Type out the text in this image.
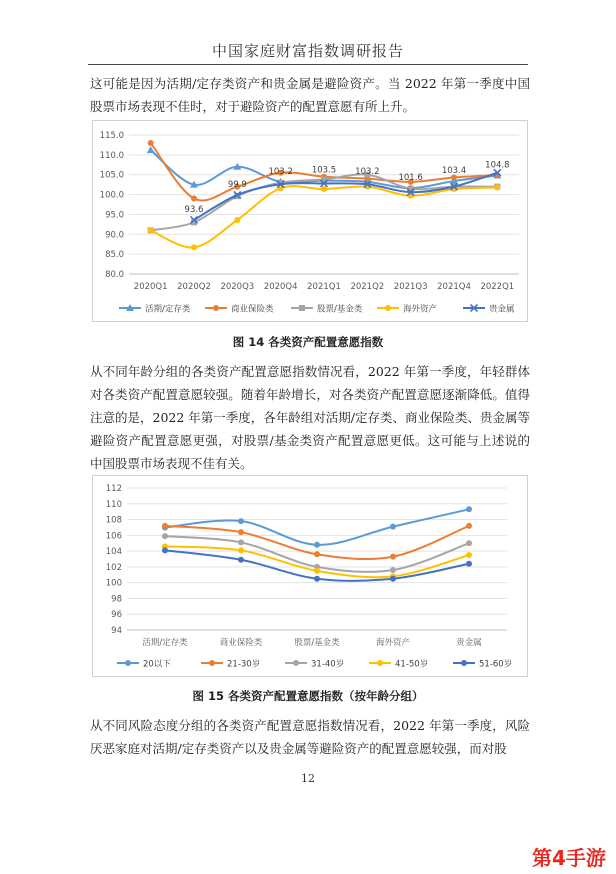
中国家庭财富指数调研报告
这可能是因为活期/定存类资产和贵金属是避险资产。当 2022 年第一季度中国股票市场表现不佳时，对于避险资产的配置意愿有所上升。
80.0
85.0
90.0
95.0
100.0
105.0
110.0
115.0
2020Q1 2020Q2 2020Q3 2020Q4 2021Q1 2021Q2 2021Q3 2021Q4 2022Q1
93.6
99.9
103.2 103.5 103.2
101.6
103.4
104.8
活期/定存类	商业保险类	股票/基金类	海外资产	贵金属
图 14 各类资产配置意愿指数
从不同年龄分组的各类资产配置意愿指数情况看，2022 年第一季度，年轻群体对各类资产配置意愿较强。随着年龄增长，对各类资产配置意愿逐渐降低。值得注意的是，2022 年第一季度，各年龄组对活期/定存类、商业保险类、贵金属等避险资产配置意愿更强，对股票/基金类资产配置意愿更低。这可能与上述说的中国股票市场表现不佳有关。
94
96
98
100
102
104
106
108
110
112
活期/定存类	商业保险类	股票/基金类	海外资产	贵金属
20以下	21-30岁	31-40岁	41-50岁	51-60岁
图 15 各类资产配置意愿指数（按年龄分组）
从不同风险态度分组的各类资产配置意愿指数情况看，2022 年第一季度，风险厌恶家庭对活期/定存类资产以及贵金属等避险资产的配置意愿较强，而对股
12
第4手游
